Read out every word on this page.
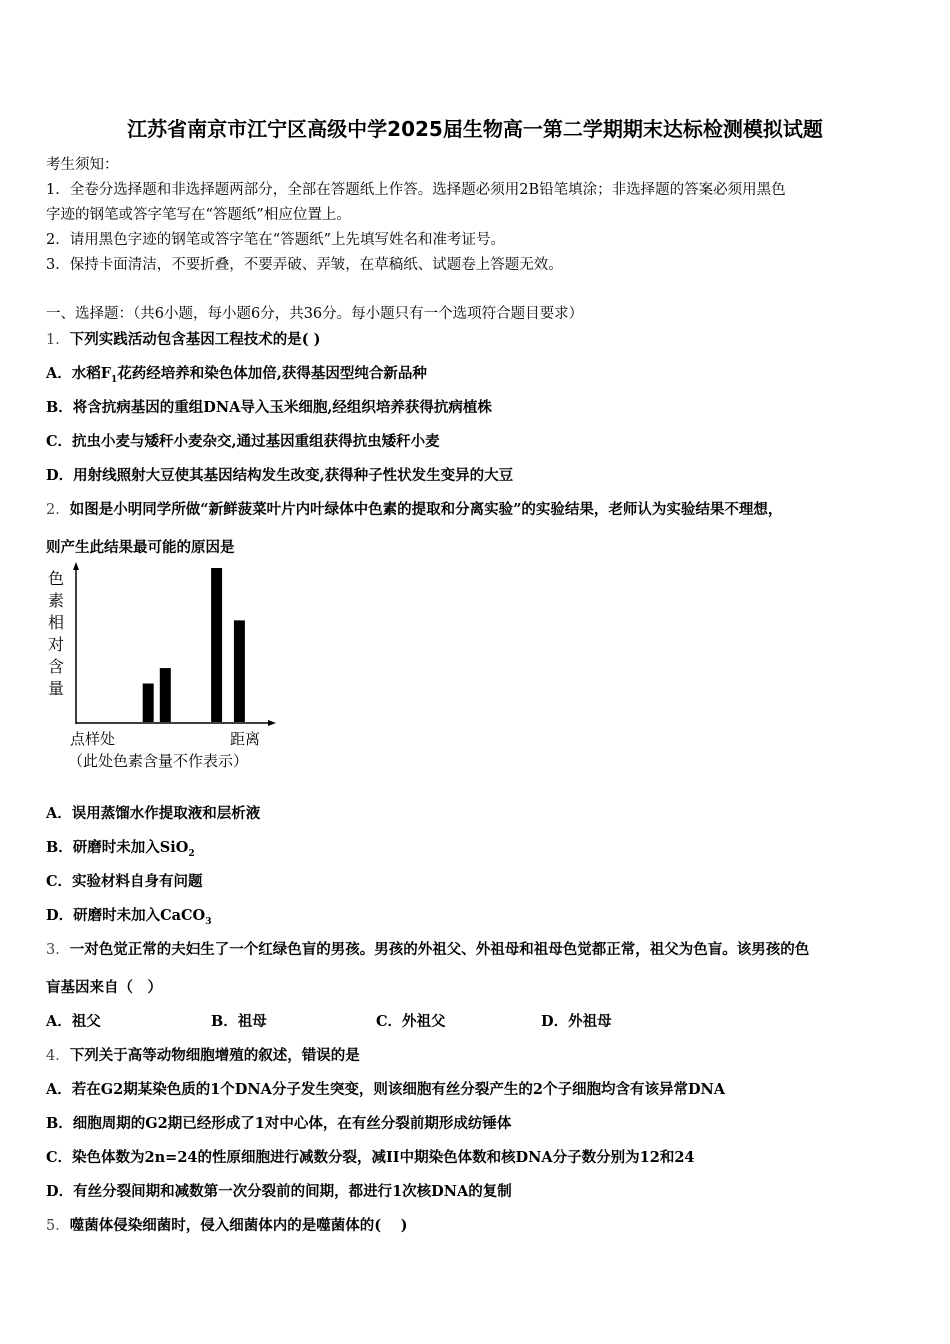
江苏省南京市江宁区高级中学2025届生物高一第二学期期末达标检测模拟试题
考生须知：
1．全卷分选择题和非选择题两部分，全部在答题纸上作答。选择题必须用2B铅笔填涂；非选择题的答案必须用黑色
字迹的钢笔或答字笔写在“答题纸”相应位置上。
2．请用黑色字迹的钢笔或答字笔在“答题纸”上先填写姓名和准考证号。
3．保持卡面清洁，不要折叠，不要弄破、弄皱，在草稿纸、试题卷上答题无效。
一、选择题：（共6小题，每小题6分，共36分。每小题只有一个选项符合题目要求）
1．下列实践活动包含基因工程技术的是( )
A．水稻$F_1$花药经培养和染色体加倍,获得基因型纯合新品种
B．将含抗病基因的重组DNA导入玉米细胞,经组织培养获得抗病植株
C．抗虫小麦与矮秆小麦杂交,通过基因重组获得抗虫矮秆小麦
D．用射线照射大豆使其基因结构发生改变,获得种子性状发生变异的大豆
2．如图是小明同学所做“新鲜菠菜叶片内叶绿体中色素的提取和分离实验”的实验结果，老师认为实验结果不理想，
则产生此结果最可能的原因是
色
素
相
对
含
量
点样处	距离
（此处色素含量不作表示）
A．误用蒸馏水作提取液和层析液
B．研磨时未加入SiO$_2$
C．实验材料自身有问题
D．研磨时未加入CaCO$_3$
3．一对色觉正常的夫妇生了一个红绿色盲的男孩。男孩的外祖父、外祖母和祖母色觉都正常，祖父为色盲。该男孩的色
盲基因来自（　）
A．祖父	B．祖母	C．外祖父	D．外祖母
4．下列关于高等动物细胞增殖的叙述，错误的是
A．若在G2期某染色质的1个DNA分子发生突变，则该细胞有丝分裂产生的2个子细胞均含有该异常DNA
B．细胞周期的G2期已经形成了1对中心体，在有丝分裂前期形成纺锤体
C．染色体数为2n=24的性原细胞进行减数分裂，减II中期染色体数和核DNA分子数分别为12和24
D．有丝分裂间期和减数第一次分裂前的间期，都进行1次核DNA的复制
5．噬菌体侵染细菌时，侵入细菌体内的是噬菌体的(　 )
